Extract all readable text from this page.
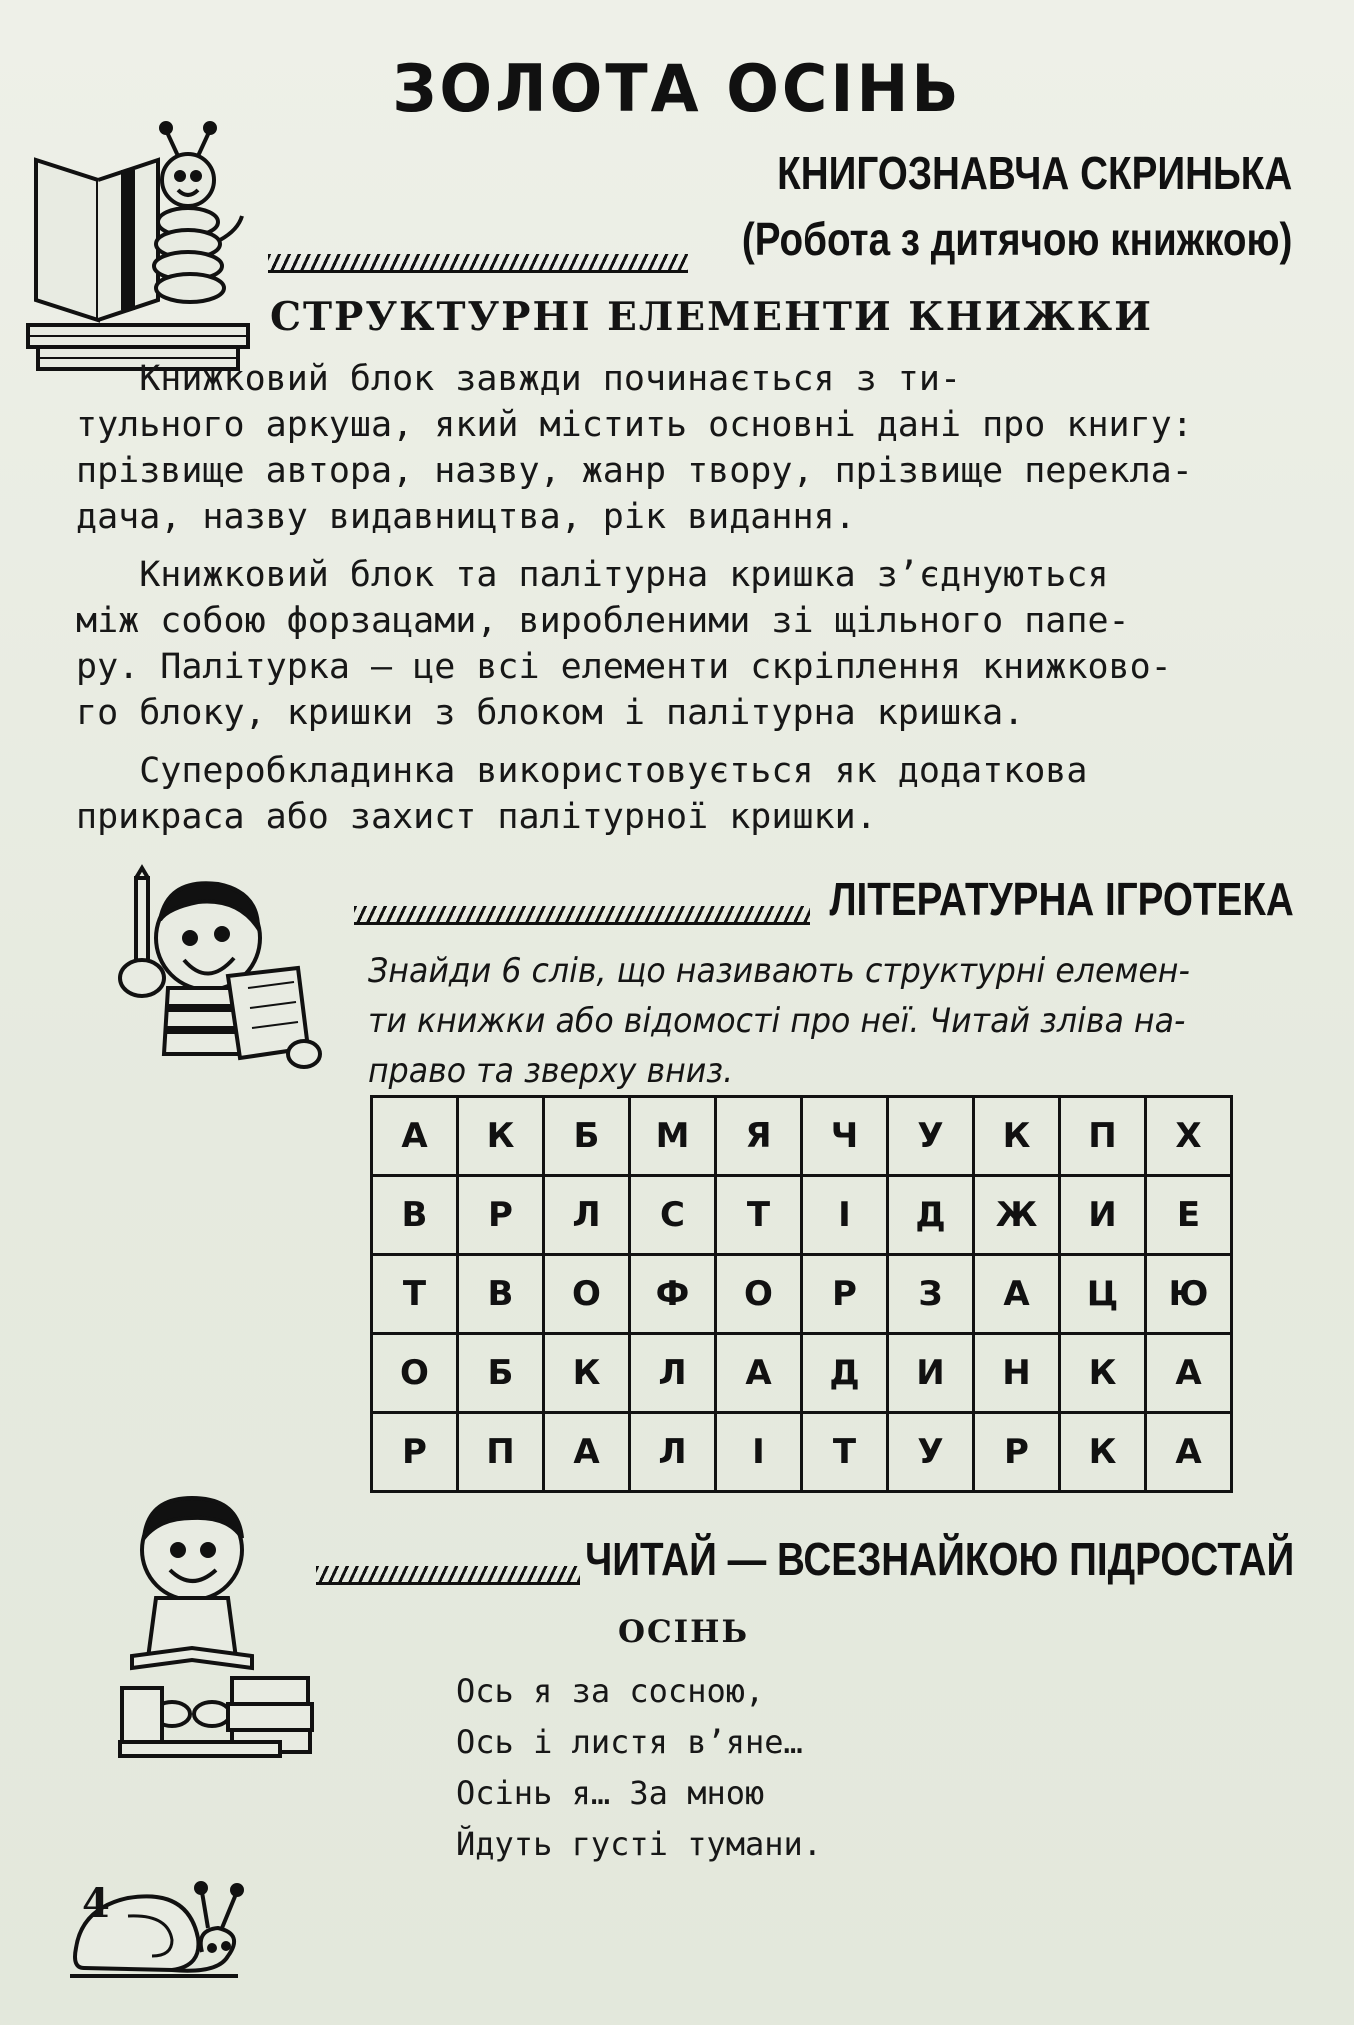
ЗОЛОТА ОСІНЬ
КНИГОЗНАВЧА СКРИНЬКА
(Робота з дитячою книжкою)
СТРУКТУРНІ ЕЛЕМЕНТИ КНИЖКИ
Книжковий блок завжди починається з ти-
тульного аркуша, який містить основні дані про книгу:
прізвище автора, назву, жанр твору, прізвище перекла-
дача, назву видавництва, рік видання.
Книжковий блок та палітурна кришка з’єднуються
між собою форзацами, виробленими зі щільного папе-
ру. Палітурка — це всі елементи скріплення книжково-
го блоку, кришки з блоком і палітурна кришка.
Суперобкладинка використовується як додаткова
прикраса або захист палітурної кришки.
ЛІТЕРАТУРНА ІГРОТЕКА
Знайди 6 слів, що називають структурні елемен-
ти книжки або відомості про неї. Читай зліва на-
право та зверху вниз.
А	К	Б	М	Я	Ч	У	К	П	Х
В	Р	Л	С	Т	І	Д	Ж	И	Е
Т	В	О	Ф	О	Р	З	А	Ц	Ю
О	Б	К	Л	А	Д	И	Н	К	А
Р	П	А	Л	І	Т	У	Р	К	А
ЧИТАЙ — ВСЕЗНАЙКОЮ ПІДРОСТАЙ
ОСІНЬ
Ось я за сосною,
Ось і листя в’яне…
Осінь я… За мною
Йдуть густі тумани.
4
